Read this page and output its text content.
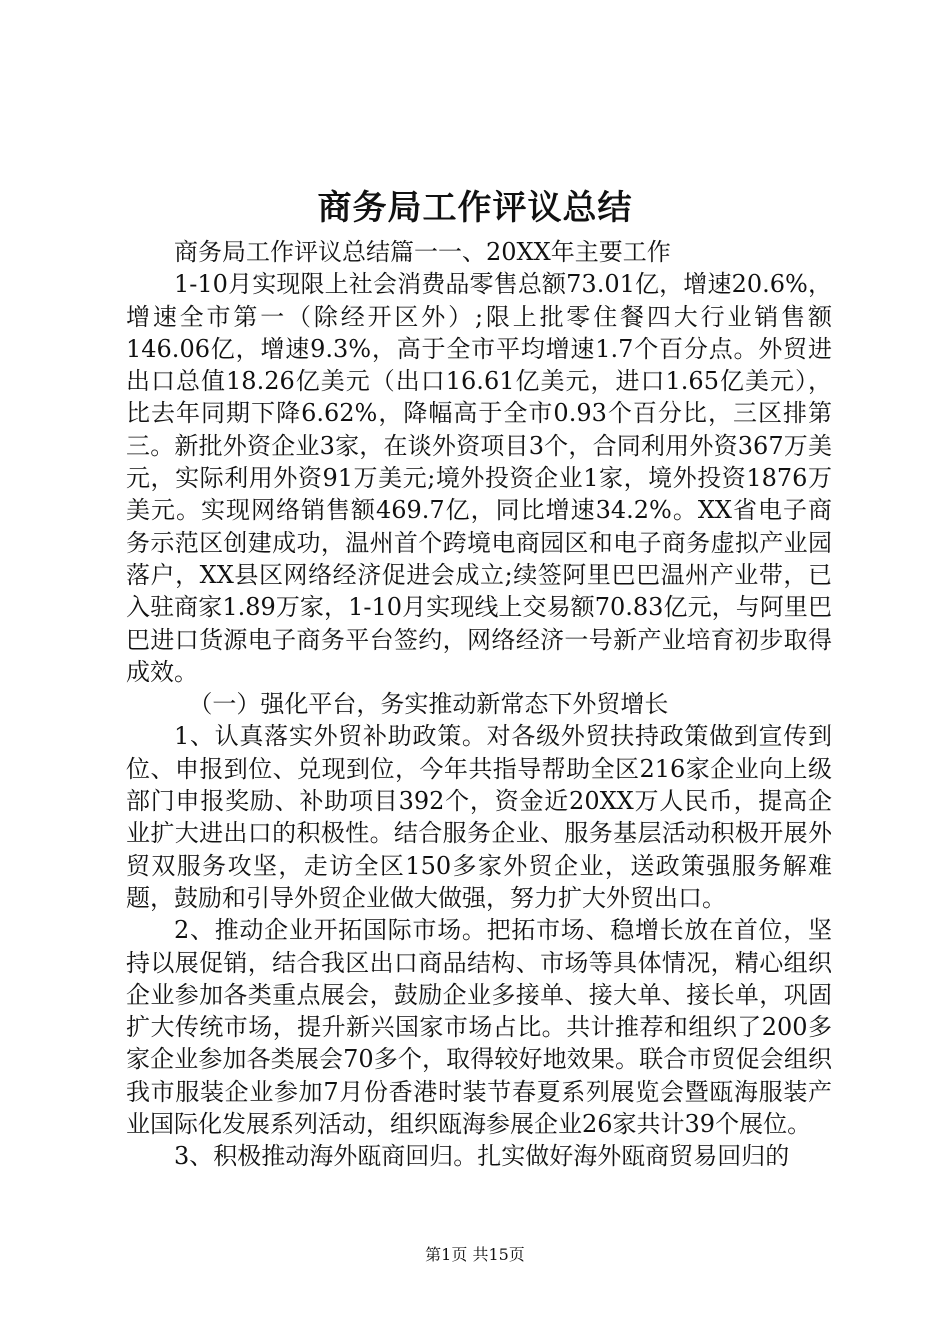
商务局工作评议总结

商务局工作评议总结篇一一、20XX年主要工作

1-10月实现限上社会消费品零售总额73.01亿，增速20.6%，增速全市第一（除经开区外）;限上批零住餐四大行业销售额146.06亿，增速9.3%，高于全市平均增速1.7个百分点。外贸进出口总值18.26亿美元（出口16.61亿美元，进口1.65亿美元），比去年同期下降6.62%，降幅高于全市0.93个百分比，三区排第三。新批外资企业3家，在谈外资项目3个，合同利用外资367万美元，实际利用外资91万美元;境外投资企业1家，境外投资1876万美元。实现网络销售额469.7亿，同比增速34.2%。XX省电子商务示范区创建成功，温州首个跨境电商园区和电子商务虚拟产业园落户，XX县区网络经济促进会成立;续签阿里巴巴温州产业带，已入驻商家1.89万家，1-10月实现线上交易额70.83亿元，与阿里巴巴进口货源电子商务平台签约，网络经济一号新产业培育初步取得成效。

（一）强化平台，务实推动新常态下外贸增长

1、认真落实外贸补助政策。对各级外贸扶持政策做到宣传到位、申报到位、兑现到位，今年共指导帮助全区216家企业向上级部门申报奖励、补助项目392个，资金近20XX万人民币，提高企业扩大进出口的积极性。结合服务企业、服务基层活动积极开展外贸双服务攻坚，走访全区150多家外贸企业，送政策强服务解难题，鼓励和引导外贸企业做大做强，努力扩大外贸出口。

2、推动企业开拓国际市场。把拓市场、稳增长放在首位，坚持以展促销，结合我区出口商品结构、市场等具体情况，精心组织企业参加各类重点展会，鼓励企业多接单、接大单、接长单，巩固扩大传统市场，提升新兴国家市场占比。共计推荐和组织了200多家企业参加各类展会70多个，取得较好地效果。联合市贸促会组织我市服装企业参加7月份香港时装节春夏系列展览会暨瓯海服装产业国际化发展系列活动，组织瓯海参展企业26家共计39个展位。

3、积极推动海外瓯商回归。扎实做好海外瓯商贸易回归的

第1页 共15页
